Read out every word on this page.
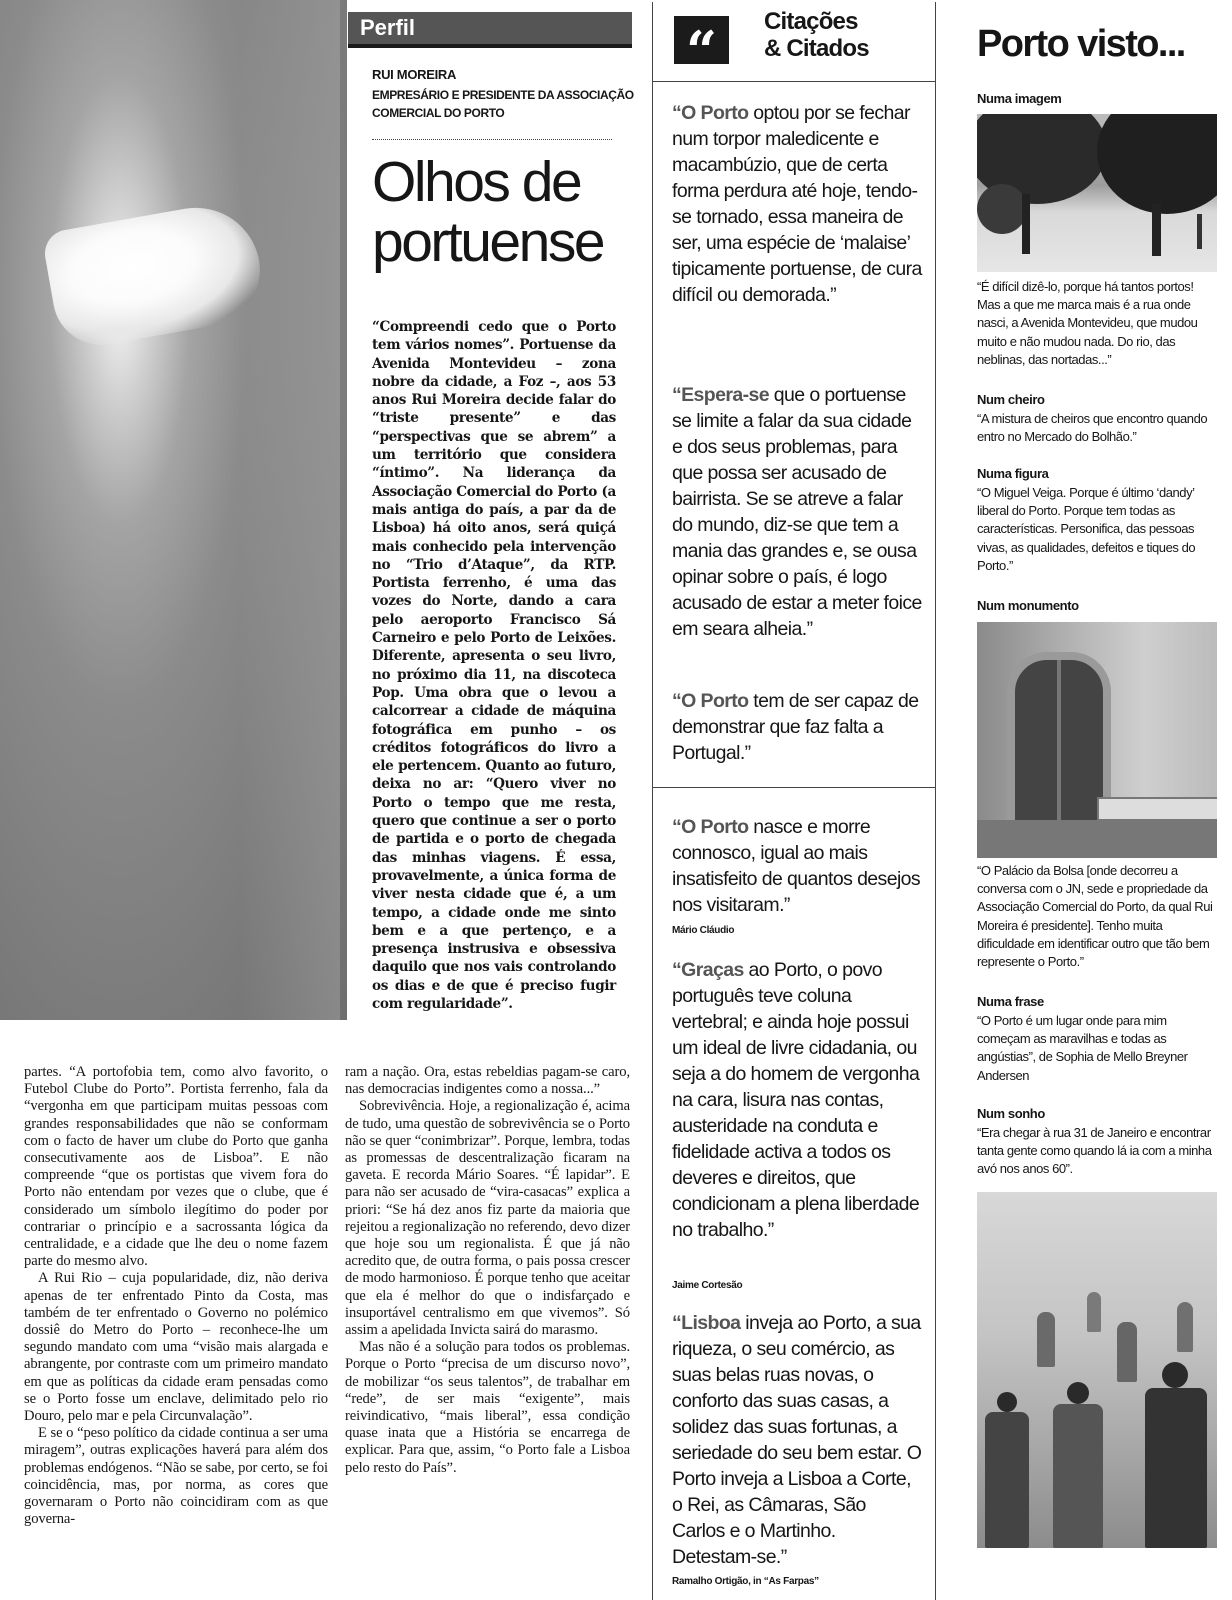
Perfil
RUI MOREIRA
EMPRESÁRIO E PRESIDENTE DA ASSOCIAÇÃO COMERCIAL DO PORTO
Olhos de portuense
“Compreendi cedo que o Porto tem vários nomes”. Portuense da Avenida Montevideu – zona nobre da cidade, a Foz –, aos 53 anos Rui Moreira decide falar do “triste presente” e das “perspectivas que se abrem” a um território que considera “íntimo”. Na liderança da Associação Comercial do Porto (a mais antiga do país, a par da de Lisboa) há oito anos, será quiçá mais conhecido pela intervenção no “Trio d’Ataque”, da RTP. Portista ferrenho, é uma das vozes do Norte, dando a cara pelo aeroporto Francisco Sá Carneiro e pelo Porto de Leixões. Diferente, apresenta o seu livro, no próximo dia 11, na discoteca Pop. Uma obra que o levou a calcorrear a cidade de máquina fotográfica em punho – os créditos fotográficos do livro a ele pertencem. Quanto ao futuro, deixa no ar: “Quero viver no Porto o tempo que me resta, quero que continue a ser o porto de partida e o porto de chegada das minhas viagens. É essa, provavelmente, a única forma de viver nesta cidade que é, a um tempo, a cidade onde me sinto bem e a que pertenço, e a presença instrusiva e obsessiva daquilo que nos vais controlando os dias e de que é preciso fugir com regularidade”.

partes. “A portofobia tem, como alvo favorito, o Futebol Clube do Porto”. Portista ferrenho, fala da “vergonha em que participam muitas pessoas com grandes responsabilidades que não se conformam com o facto de haver um clube do Porto que ganha consecutivamente aos de Lisboa”. E não compreende “que os portistas que vivem fora do Porto não entendam por vezes que o clube, que é considerado um símbolo ilegítimo do poder por contrariar o princípio e a sacrossanta lógica da centralidade, e a cidade que lhe deu o nome fazem parte do mesmo alvo.

A Rui Rio – cuja popularidade, diz, não deriva apenas de ter enfrentado Pinto da Costa, mas também de ter enfrentado o Governo no polémico dossiê do Metro do Porto – reconhece-lhe um segundo mandato com uma “visão mais alargada e abrangente, por contraste com um primeiro mandato em que as políticas da cidade eram pensadas como se o Porto fosse um enclave, delimitado pelo rio Douro, pelo mar e pela Circunvalação”.

E se o “peso político da cidade continua a ser uma miragem”, outras explicações haverá para além dos problemas endógenos. “Não se sabe, por certo, se foi coincidência, mas, por norma, as cores que governaram o Porto não coincidiram com as que governa-

ram a nação. Ora, estas rebeldias pagam-se caro, nas democracias indigentes como a nossa...”

Sobrevivência. Hoje, a regionalização é, acima de tudo, uma questão de sobrevivência se o Porto não se quer “conimbrizar”. Porque, lembra, todas as promessas de descentralização ficaram na gaveta. E recorda Mário Soares. “É lapidar”. E para não ser acusado de “vira-casacas” explica a priori: “Se há dez anos fiz parte da maioria que rejeitou a regionalização no referendo, devo dizer que hoje sou um regionalista. É que já não acredito que, de outra forma, o pais possa crescer de modo harmonioso. É porque tenho que aceitar que ela é melhor do que o indisfarçado e insuportável centralismo em que vivemos”. Só assim a apelidada Invicta sairá do marasmo.

Mas não é a solução para todos os problemas. Porque o Porto “precisa de um discurso novo”, de mobilizar “os seus talentos”, de trabalhar em “rede”, de ser mais “exigente”, mais reivindicativo, “mais liberal”, essa condição quase inata que a História se encarrega de explicar. Para que, assim, “o Porto fale a Lisboa pelo resto do País”.

“	Citações
& Citados
“O Porto optou por se fechar num torpor maledicente e macambúzio, que de certa forma perdura até hoje, tendo-se tornado, essa maneira de ser, uma espécie de ‘malaise’ tipicamente portuense, de cura difícil ou demorada.”
“Espera-se que o portuense se limite a falar da sua cidade e dos seus problemas, para que possa ser acusado de bairrista. Se se atreve a falar do mundo, diz-se que tem a mania das grandes e, se ousa opinar sobre o país, é logo acusado de estar a meter foice em seara alheia.”
“O Porto tem de ser capaz de demonstrar que faz falta a Portugal.”
“O Porto nasce e morre connosco, igual ao mais insatisfeito de quantos desejos nos visitaram.”
Mário Cláudio
“Graças ao Porto, o povo português teve coluna vertebral; e ainda hoje possui um ideal de livre cidadania, ou seja a do homem de vergonha na cara, lisura nas contas, austeridade na conduta e fidelidade activa a todos os deveres e direitos, que condicionam a plena liberdade no trabalho.”
Jaime Cortesão
“Lisboa inveja ao Porto, a sua riqueza, o seu comércio, as suas belas ruas novas, o conforto das suas casas, a solidez das suas fortunas, a seriedade do seu bem estar. O Porto inveja a Lisboa a Corte, o Rei, as Câmaras, São Carlos e o Martinho. Detestam-se.”
Ramalho Ortigão, in “As Farpas”
Porto visto...
Numa imagem
“É difícil dizê-lo, porque há tantos portos! Mas a que me marca mais é a rua onde nasci, a Avenida Montevideu, que mudou muito e não mudou nada. Do rio, das neblinas, das nortadas...”
Num cheiro
“A mistura de cheiros que encontro quando entro no Mercado do Bolhão.”
Numa figura
“O Miguel Veiga. Porque é último ‘dandy’ liberal do Porto. Porque tem todas as características. Personifica, das pessoas vivas, as qualidades, defeitos e tiques do Porto.”
Num monumento
“O Palácio da Bolsa [onde decorreu a conversa com o JN, sede e propriedade da Associação Comercial do Porto, da qual Rui Moreira é presidente]. Tenho muita dificuldade em identificar outro que tão bem represente o Porto.”
Numa frase
“O Porto é um lugar onde para mim começam as maravilhas e todas as angústias”, de Sophia de Mello Breyner Andersen
Num sonho
“Era chegar à rua 31 de Janeiro e encontrar tanta gente como quando lá ia com a minha avó nos anos 60”.
